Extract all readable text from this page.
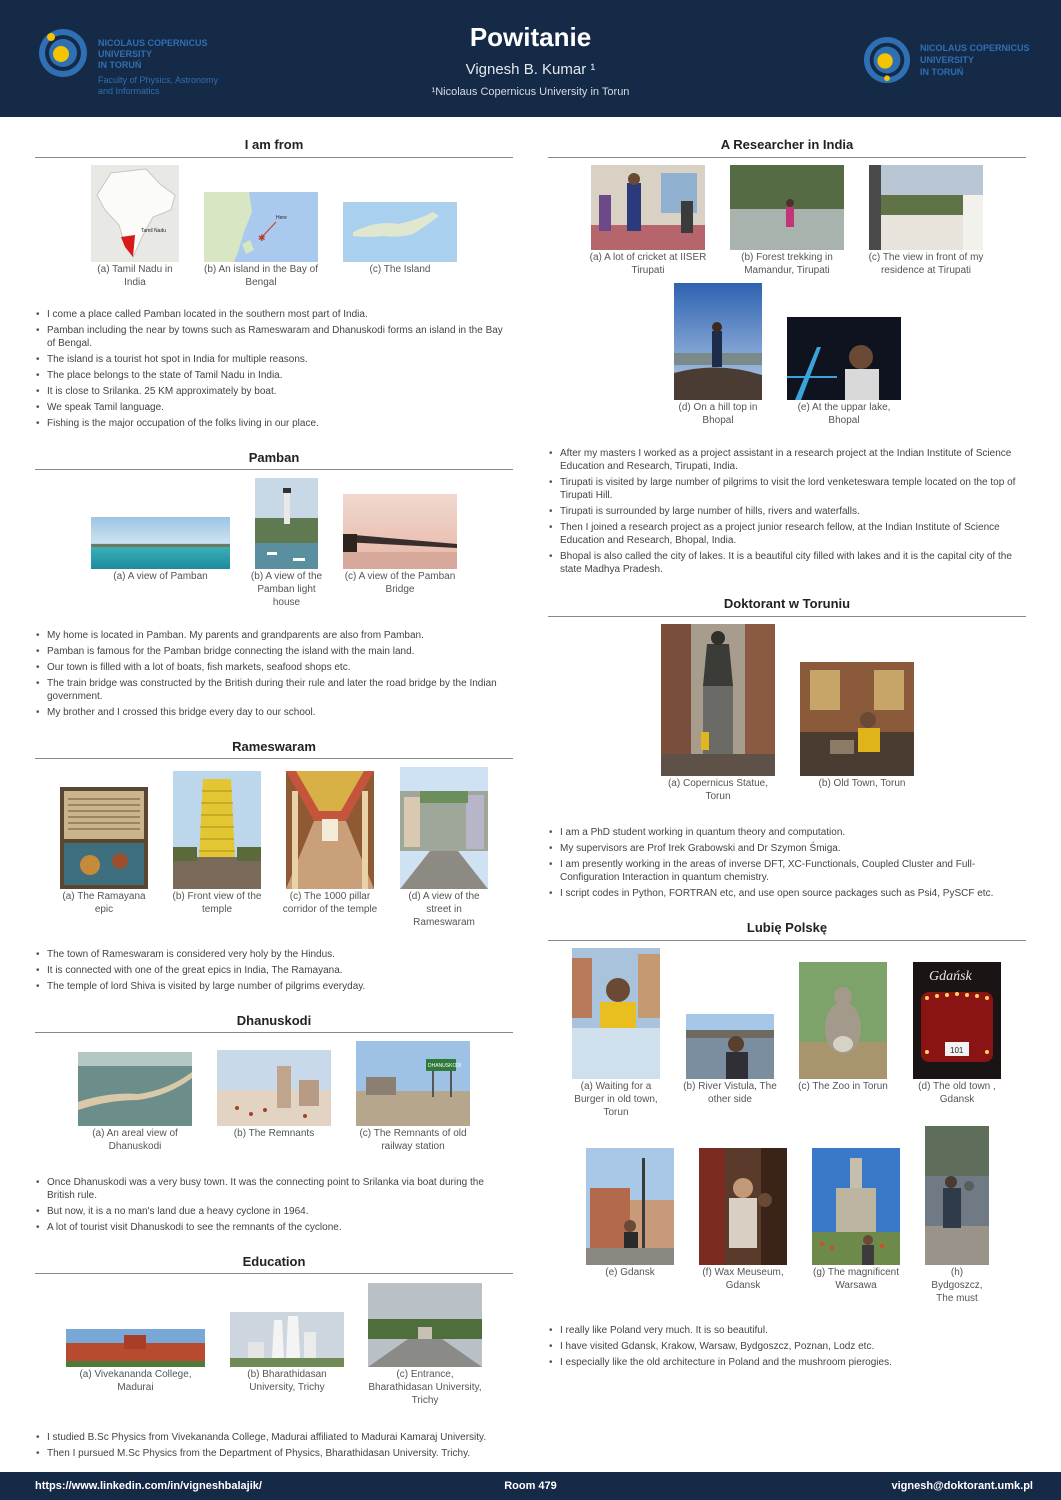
NICOLAUS COPERNICUS
UNIVERSITY
IN TORUŃ
Faculty of Physics, Astronomy
and Informatics
Powitanie
Vignesh B. Kumar ¹
¹Nicolaus Copernicus University in Torun
NICOLAUS COPERNICUS
UNIVERSITY
IN TORUŃ
I am from
Tamil Nadu
Here
✱
(a) Tamil Nadu in India
(b) An island in the Bay of Bengal
(c) The Island
• I come a place called Pamban located in the southern most part of India.
• Pamban including the near by towns such as Rameswaram and Dhanuskodi forms an island in the Bay of Bengal.
• The island is a tourist hot spot in India for multiple reasons.
• The place belongs to the state of Tamil Nadu in India.
• It is close to Srilanka. 25 KM approximately by boat.
• We speak Tamil language.
• Fishing is the major occupation of the folks living in our place.
Pamban
(a) A view of Pamban	(b) A view of the Pamban light house
(c) A view of the Pamban Bridge
• My home is located in Pamban. My parents and grandparents are also from Pamban.
• Pamban is famous for the Pamban bridge connecting the island with the main land.
• Our town is filled with a lot of boats, fish markets, seafood shops etc.
• The train bridge was constructed by the British during their rule and later the road bridge by the Indian government.
• My brother and I crossed this bridge every day to our school.
Rameswaram
(a) The Ramayana epic
(b) Front view of the temple
(c) The 1000 pillar corridor of the temple
(d) A view of the street in Rameswaram
• The town of Rameswaram is considered very holy by the Hindus.
• It is connected with one of the great epics in India, The Ramayana.
• The temple of lord Shiva is visited by large number of pilgrims everyday.
Dhanuskodi
DHANUSKODI
(a) An areal view of Dhanuskodi
(b) The Remnants	(c) The Remnants of old railway station
• Once Dhanuskodi was a very busy town. It was the connecting point to Srilanka via boat during the British rule.
• But now, it is a no man's land due a heavy cyclone in 1964.
• A lot of tourist visit Dhanuskodi to see the remnants of the cyclone.
Education
(a) Vivekananda College, Madurai
(b) Bharathidasan University, Trichy
(c) Entrance, Bharathidasan University, Trichy
• I studied B.Sc Physics from Vivekananda College, Madurai affiliated to Madurai Kamaraj University.
• Then I pursued M.Sc Physics from the Department of Physics, Bharathidasan University. Trichy.
A Researcher in India
(a) A lot of cricket at IISER Tirupati
(b) Forest trekking in Mamandur, Tirupati
(c) The view in front of my residence at Tirupati
(d) On a hill top in Bhopal
(e) At the uppar lake, Bhopal
• After my masters I worked as a project assistant in a research project at the Indian Institute of Science Education and Research, Tirupati, India.
• Tirupati is visited by large number of pilgrims to visit the lord venketeswara temple located on the top of Tirupati Hill.
• Tirupati is surrounded by large number of hills, rivers and waterfalls.
• Then I joined a research project as a project junior research fellow, at the Indian Institute of Science Education and Research, Bhopal, India.
• Bhopal is also called the city of lakes. It is a beautiful city filled with lakes and it is the capital city of the state Madhya Pradesh.
Doktorant w Toruniu
(a) Copernicus Statue, Torun
(b) Old Town, Torun
• I am a PhD student working in quantum theory and computation.
• My supervisors are Prof Irek Grabowski and Dr Szymon Śmiga.
• I am presently working in the areas of inverse DFT, XC-Functionals, Coupled Cluster and Full-Configuration Interaction in quantum chemistry.
• I script codes in Python, FORTRAN etc, and use open source packages such as Psi4, PySCF etc.
Lubię Polskę
101
Gdańsk
(a) Waiting for a Burger in old town, Torun
(b) River Vistula, The other side
(c) The Zoo in Torun	(d) The old town , Gdansk
(e) Gdansk	(f) Wax Meuseum, Gdansk
(g) The magnificent Warsawa
(h) Bydgoszcz, The must
• I really like Poland very much. It is so beautiful.
• I have visited Gdansk, Krakow, Warsaw, Bydgoszcz, Poznan, Lodz etc.
• I especially like the old architecture in Poland and the mushroom pierogies.
https://www.linkedin.com/in/vigneshbalajik/	Room 479	vignesh@doktorant.umk.pl
